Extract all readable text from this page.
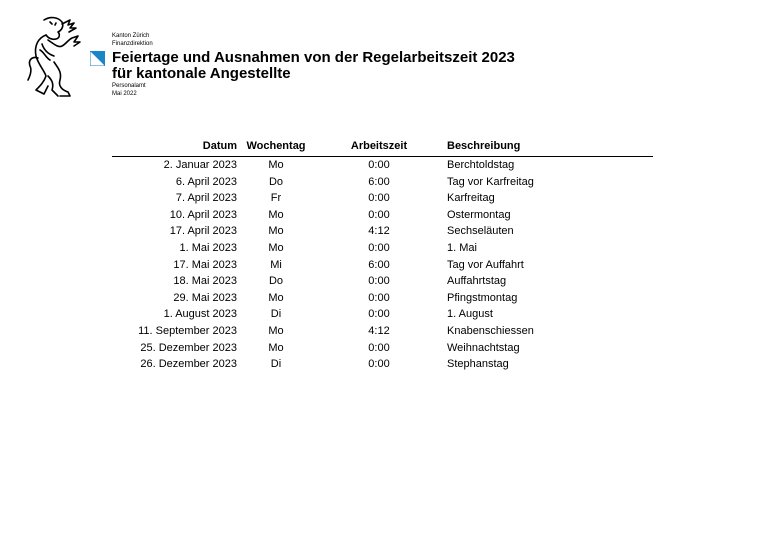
Kanton Zürich
Finanzdirektion
Feiertage und Ausnahmen von der Regelarbeitszeit 2023
für kantonale Angestellte
Personalamt
Mai 2022
Datum Wochentag	Arbeitszeit	Beschreibung
2. Januar 2023	Mo	0:00	Berchtoldstag
6. April 2023	Do	6:00	Tag vor Karfreitag
7. April 2023	Fr	0:00	Karfreitag
10. April 2023	Mo	0:00	Ostermontag
17. April 2023	Mo	4:12	Sechseläuten
1. Mai 2023	Mo	0:00	1. Mai
17. Mai 2023	Mi	6:00	Tag vor Auffahrt
18. Mai 2023	Do	0:00	Auffahrtstag
29. Mai 2023	Mo	0:00	Pfingstmontag
1. August 2023	Di	0:00	1. August
11. September 2023	Mo	4:12	Knabenschiessen
25. Dezember 2023	Mo	0:00	Weihnachtstag
26. Dezember 2023	Di	0:00	Stephanstag
